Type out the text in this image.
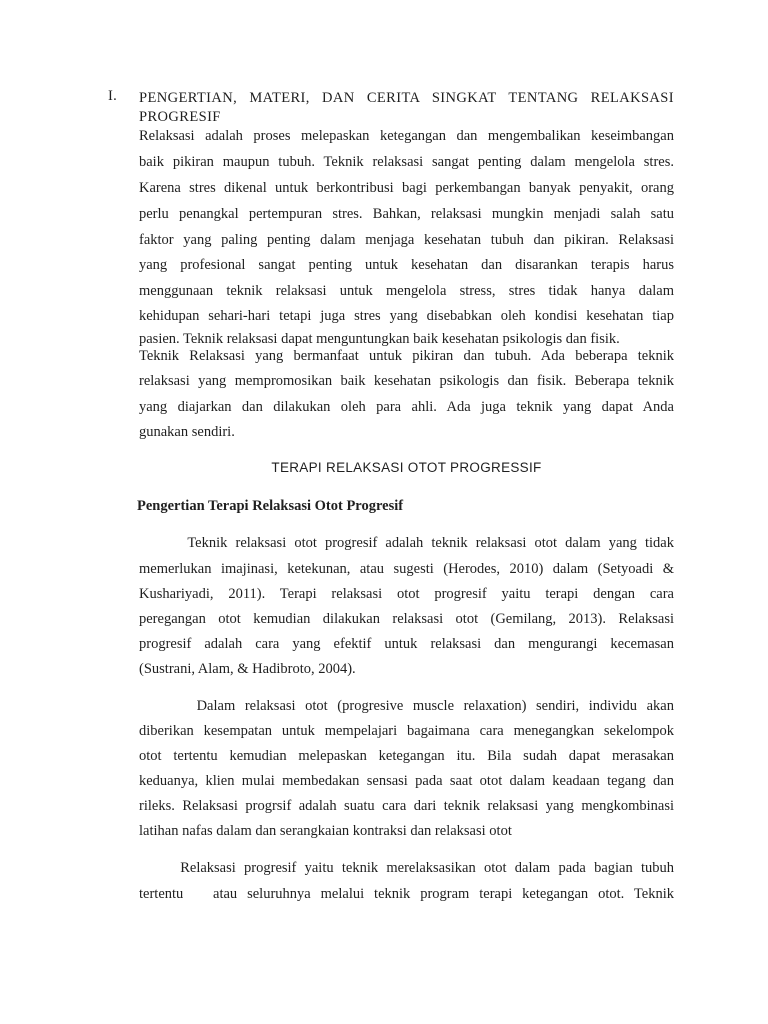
I. PENGERTIAN, MATERI, DAN CERITA SINGKAT TENTANG RELAKSASI
PROGRESIF
Relaksasi adalah proses melepaskan ketegangan dan mengembalikan keseimbangan
baik pikiran maupun tubuh. Teknik relaksasi sangat penting dalam mengelola stres.
Karena stres dikenal untuk berkontribusi bagi perkembangan banyak penyakit, orang
perlu penangkal pertempuran stres. Bahkan, relaksasi mungkin menjadi salah satu
faktor yang paling penting dalam menjaga kesehatan tubuh dan pikiran. Relaksasi
yang profesional sangat penting untuk kesehatan dan disarankan terapis harus
menggunaan teknik relaksasi untuk mengelola stress, stres tidak hanya dalam
kehidupan sehari-hari tetapi juga stres yang disebabkan oleh kondisi kesehatan tiap
pasien. Teknik relaksasi dapat menguntungkan baik kesehatan psikologis dan fisik.
Teknik Relaksasi yang bermanfaat untuk pikiran dan tubuh. Ada beberapa teknik
relaksasi yang mempromosikan baik kesehatan psikologis dan fisik. Beberapa teknik
yang diajarkan dan dilakukan oleh para ahli. Ada juga teknik yang dapat Anda
gunakan sendiri.
TERAPI RELAKSASI OTOT PROGRESSIF
Pengertian Terapi Relaksasi Otot Progresif
Teknik relaksasi otot progresif adalah teknik relaksasi otot dalam yang tidak
memerlukan imajinasi, ketekunan, atau sugesti (Herodes, 2010) dalam (Setyoadi &
Kushariyadi, 2011). Terapi relaksasi otot progresif yaitu terapi dengan cara
peregangan otot kemudian dilakukan relaksasi otot (Gemilang, 2013). Relaksasi
progresif adalah cara yang efektif untuk relaksasi dan mengurangi kecemasan
(Sustrani, Alam, & Hadibroto, 2004).
Dalam relaksasi otot (progresive muscle relaxation) sendiri, individu akan
diberikan kesempatan untuk mempelajari bagaimana cara menegangkan sekelompok
otot tertentu kemudian melepaskan ketegangan itu. Bila sudah dapat merasakan
keduanya, klien mulai membedakan sensasi pada saat otot dalam keadaan tegang dan
rileks. Relaksasi progrsif adalah suatu cara dari teknik relaksasi yang mengkombinasi
latihan nafas dalam dan serangkaian kontraksi dan relaksasi otot
Relaksasi progresif yaitu teknik merelaksasikan otot dalam pada bagian tubuh
tertentu   atau seluruhnya melalui teknik program terapi ketegangan otot. Teknik
